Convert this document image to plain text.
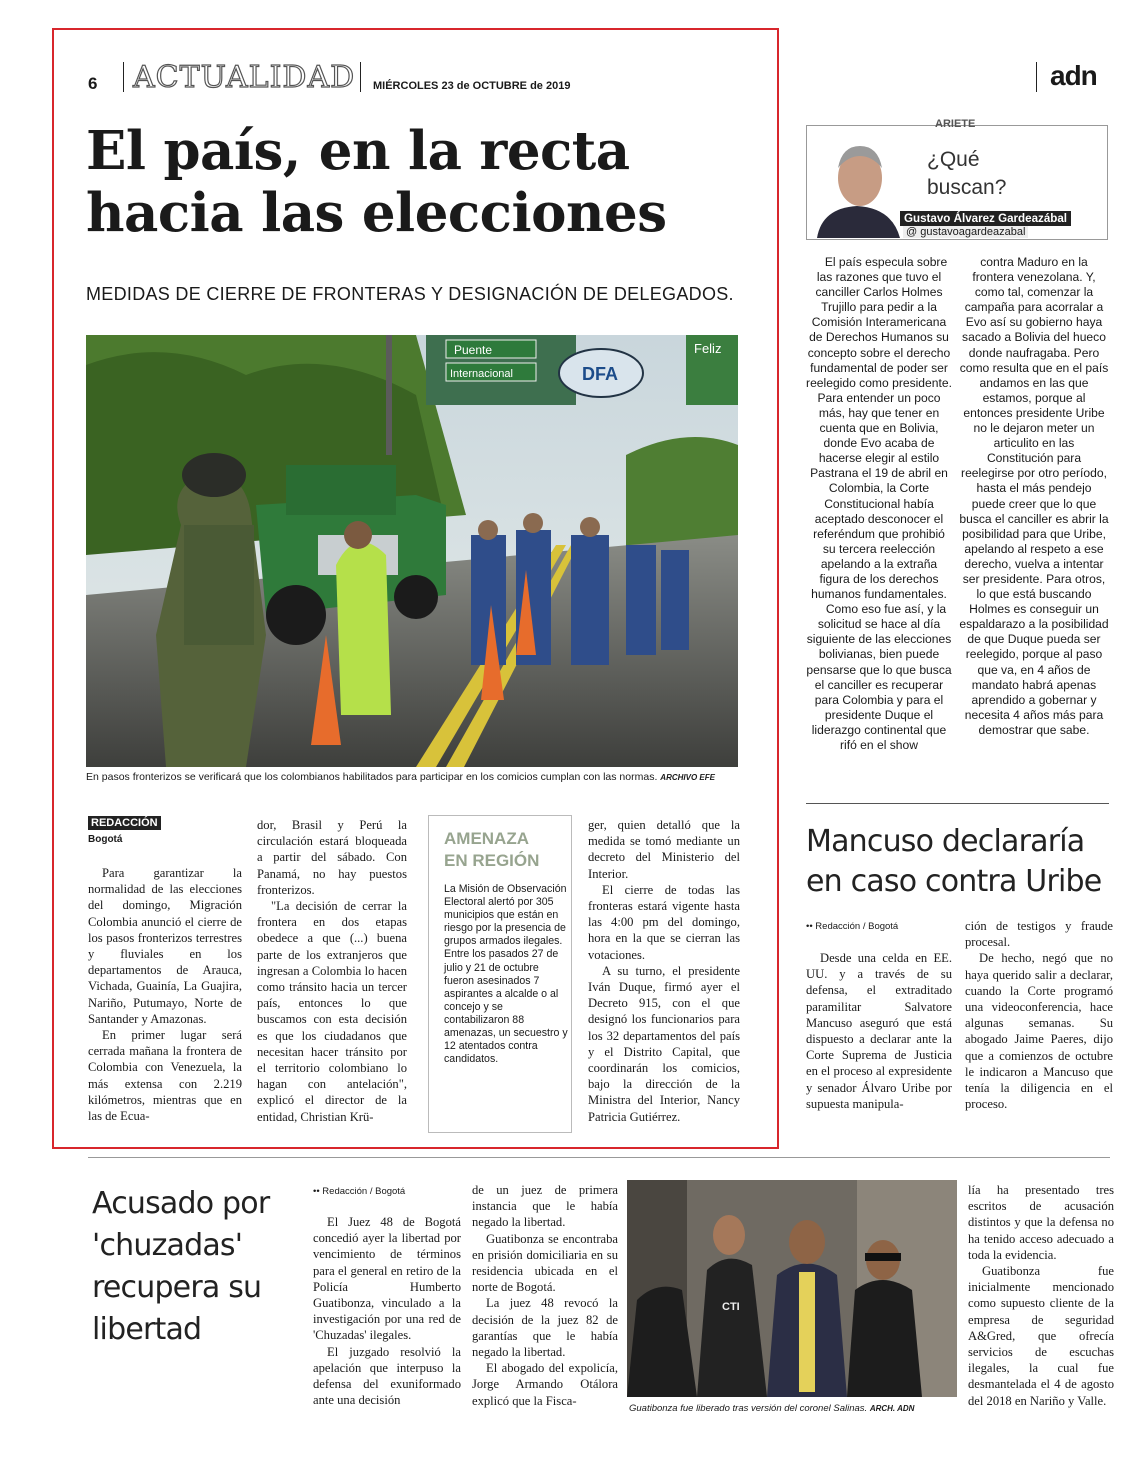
6 ACTUALIDAD MIÉRCOLES 23 de OCTUBRE de 2019	adn
El país, en la recta
hacia las elecciones
MEDIDAS DE CIERRE DE FRONTERAS Y DESIGNACIÓN DE DELEGADOS.
Puente
Internacional	DFA
Feliz
En pasos fronterizos se verificará que los colombianos habilitados para participar en los comicios cumplan con las normas. ARCHIVO EFE
REDACCIÓN
Bogotá

Para garantizar la normalidad de las elecciones del domingo, Migración Colombia anunció el cierre de los pasos fronterizos terrestres y fluviales en los departamentos de Arauca, Vichada, Guainía, La Guajira, Nariño, Putumayo, Norte de Santander y Amazonas.

En primer lugar será cerrada mañana la frontera de Colombia con Venezuela, la más extensa con 2.219 kilómetros, mientras que en las de Ecua-

dor, Brasil y Perú la circulación estará bloqueada a partir del sábado. Con Panamá, no hay puestos fronterizos.

"La decisión de cerrar la frontera en dos etapas obedece a que (...) buena parte de los extranjeros que ingresan a Colombia lo hacen como tránsito hacia un tercer país, entonces lo que buscamos con esta decisión es que los ciudadanos que necesitan hacer tránsito por el territorio colombiano lo hagan con antelación", explicó el director de la entidad, Christian Krü-

AMENAZA
EN REGIÓN
La Misión de Observación Electoral alertó por 305 municipios que están en riesgo por la presencia de grupos armados ilegales. Entre los pasados 27 de julio y 21 de octubre fueron asesinados 7 aspirantes a alcalde o al concejo y se contabilizaron 88 amenazas, un secuestro y 12 atentados contra candidatos.

ger, quien detalló que la medida se tomó mediante un decreto del Ministerio del Interior.

El cierre de todas las fronteras estará vigente hasta las 4:00 pm del domingo, hora en la que se cierran las votaciones.

A su turno, el presidente Iván Duque, firmó ayer el Decreto 915, con el que designó los funcionarios para los 32 departamentos del país y el Distrito Capital, que coordinarán los comicios, bajo la dirección de la Ministra del Interior, Nancy Patricia Gutiérrez.

ARIETE
¿Qué
buscan?
Gustavo Álvarez Gardeazábal
@ gustavoagardeazabal

El país especula sobre las razones que tuvo el canciller Carlos Holmes Trujillo para pedir a la Comisión Interamericana de Derechos Humanos su concepto sobre el derecho fundamental de poder ser reelegido como presidente. Para entender un poco más, hay que tener en cuenta que en Bolivia, donde Evo acaba de hacerse elegir al estilo Pastrana el 19 de abril en Colombia, la Corte Constitucional había aceptado desconocer el referéndum que prohibió su tercera reelección apelando a la extraña figura de los derechos humanos fundamentales.

Como eso fue así, y la solicitud se hace al día siguiente de las elecciones bolivianas, bien puede pensarse que lo que busca el canciller es recuperar para Colombia y para el presidente Duque el liderazgo continental que rifó en el show

contra Maduro en la frontera venezolana. Y, como tal, comenzar la campaña para acorralar a Evo así su gobierno haya sacado a Bolivia del hueco donde naufragaba. Pero como resulta que en el país andamos en las que estamos, porque al entonces presidente Uribe no le dejaron meter un articulito en las Constitución para reelegirse por otro período, hasta el más pendejo puede creer que lo que busca el canciller es abrir la posibilidad para que Uribe, apelando al respeto a ese derecho, vuelva a intentar ser presidente. Para otros, lo que está buscando Holmes es conseguir un espaldarazo a la posibilidad de que Duque pueda ser reelegido, porque al paso que va, en 4 años de mandato habrá apenas aprendido a gobernar y necesita 4 años más para demostrar que sabe.

Mancuso declararía
en caso contra Uribe
•• Redacción / Bogotá

Desde una celda en EE. UU. y a través de su defensa, el extraditado paramilitar Salvatore Mancuso aseguró que está dispuesto a declarar ante la Corte Suprema de Justicia en el proceso al expresidente y senador Álvaro Uribe por supuesta manipula-

ción de testigos y fraude procesal.

De hecho, negó que no haya querido salir a declarar, cuando la Corte programó una videoconferencia, hace algunas semanas. Su abogado Jaime Paeres, dijo que a comienzos de octubre le indicaron a Mancuso que tenía la diligencia en el proceso.

Acusado por
'chuzadas'
recupera su
libertad
•• Redacción / Bogotá

El Juez 48 de Bogotá concedió ayer la libertad por vencimiento de términos para el general en retiro de la Policía Humberto Guatibonza, vinculado a la investigación por una red de 'Chuzadas' ilegales.

El juzgado resolvió la apelación que interpuso la defensa del exuniformado ante una decisión

de un juez de primera instancia que le había negado la libertad.

Guatibonza se encontraba en prisión domiciliaria en su residencia ubicada en el norte de Bogotá.

La juez 48 revocó la decisión de la juez 82 de garantías que le había negado la libertad.

El abogado del expolicía, Jorge Armando Otálora explicó que la Fisca-

CTI
Guatibonza fue liberado tras versión del coronel Salinas. ARCH. ADN

lía ha presentado tres escritos de acusación distintos y que la defensa no ha tenido acceso adecuado a toda la evidencia.

Guatibonza fue inicialmente mencionado como supuesto cliente de la empresa de seguridad A&Gred, que ofrecía servicios de escuchas ilegales, la cual fue desmantelada el 4 de agosto del 2018 en Nariño y Valle.
